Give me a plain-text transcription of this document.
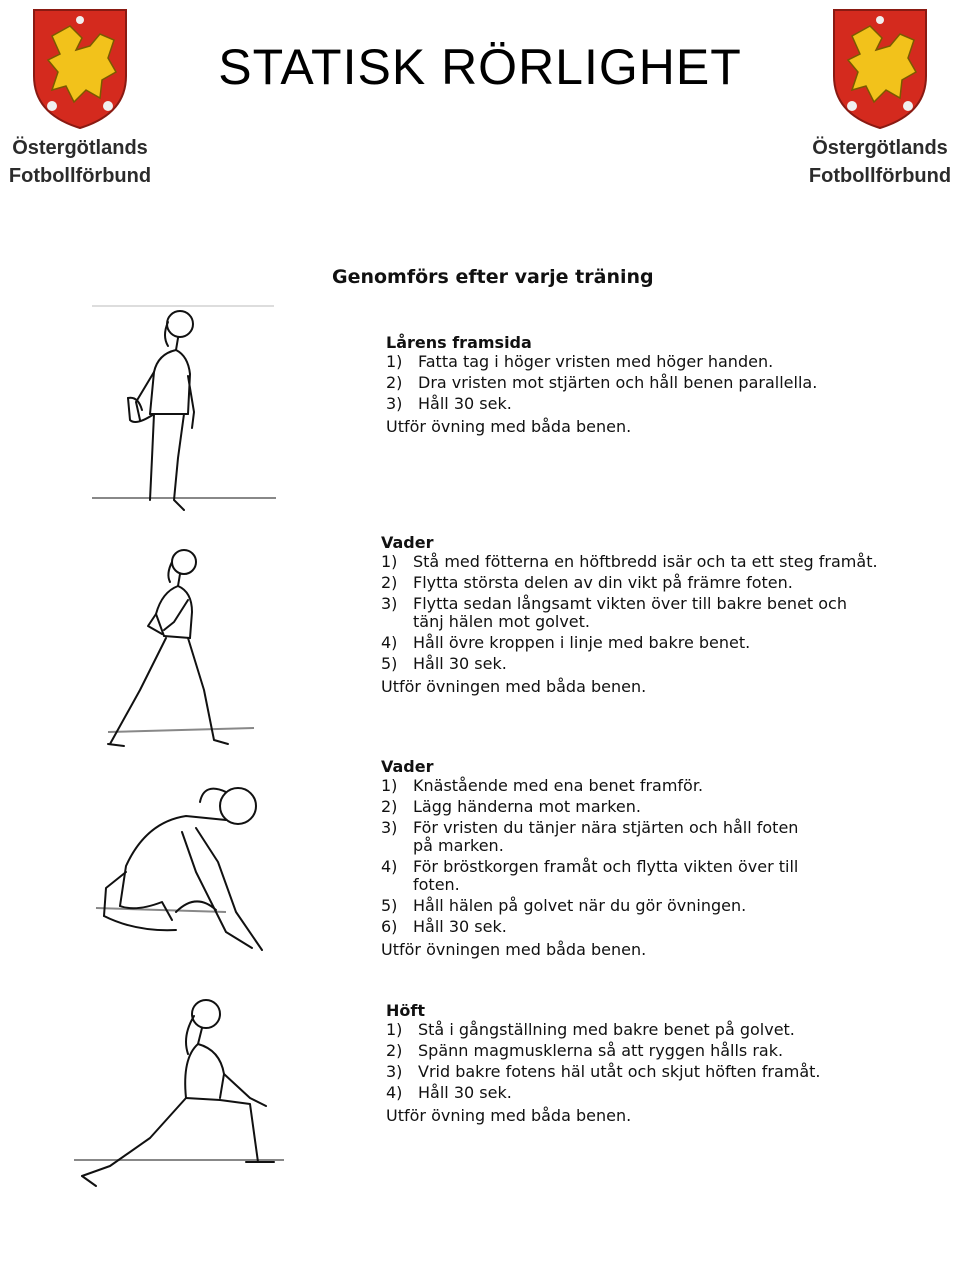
Östergötlands
Fotbollförbund
Östergötlands
Fotbollförbund
STATISK RÖRLIGHET
Genomförs efter varje träning
Lårens framsida
1) Fatta tag i höger vristen med höger handen.
2) Dra vristen mot stjärten och håll benen parallella.
3) Håll 30 sek.
Utför övning med båda benen.
Vader
1) Stå med fötterna en höftbredd isär och ta ett steg framåt.
2) Flytta största delen av din vikt på främre foten.
3) Flytta sedan långsamt vikten över till bakre benet och tänj hälen mot golvet.
4) Håll övre kroppen i linje med bakre benet.
5) Håll 30 sek.
Utför övningen med båda benen.
Vader
1) Knästående med ena benet framför.
2) Lägg händerna mot marken.
3) För vristen du tänjer nära stjärten och håll foten på marken.
4) För bröstkorgen framåt och flytta vikten över till foten.
5) Håll hälen på golvet när du gör övningen.
6) Håll 30 sek.
Utför övningen med båda benen.
Höft
1) Stå i gångställning med bakre benet på golvet.
2) Spänn magmusklerna så att ryggen hålls rak.
3) Vrid bakre fotens häl utåt och skjut höften framåt.
4) Håll 30 sek.
Utför övning med båda benen.
